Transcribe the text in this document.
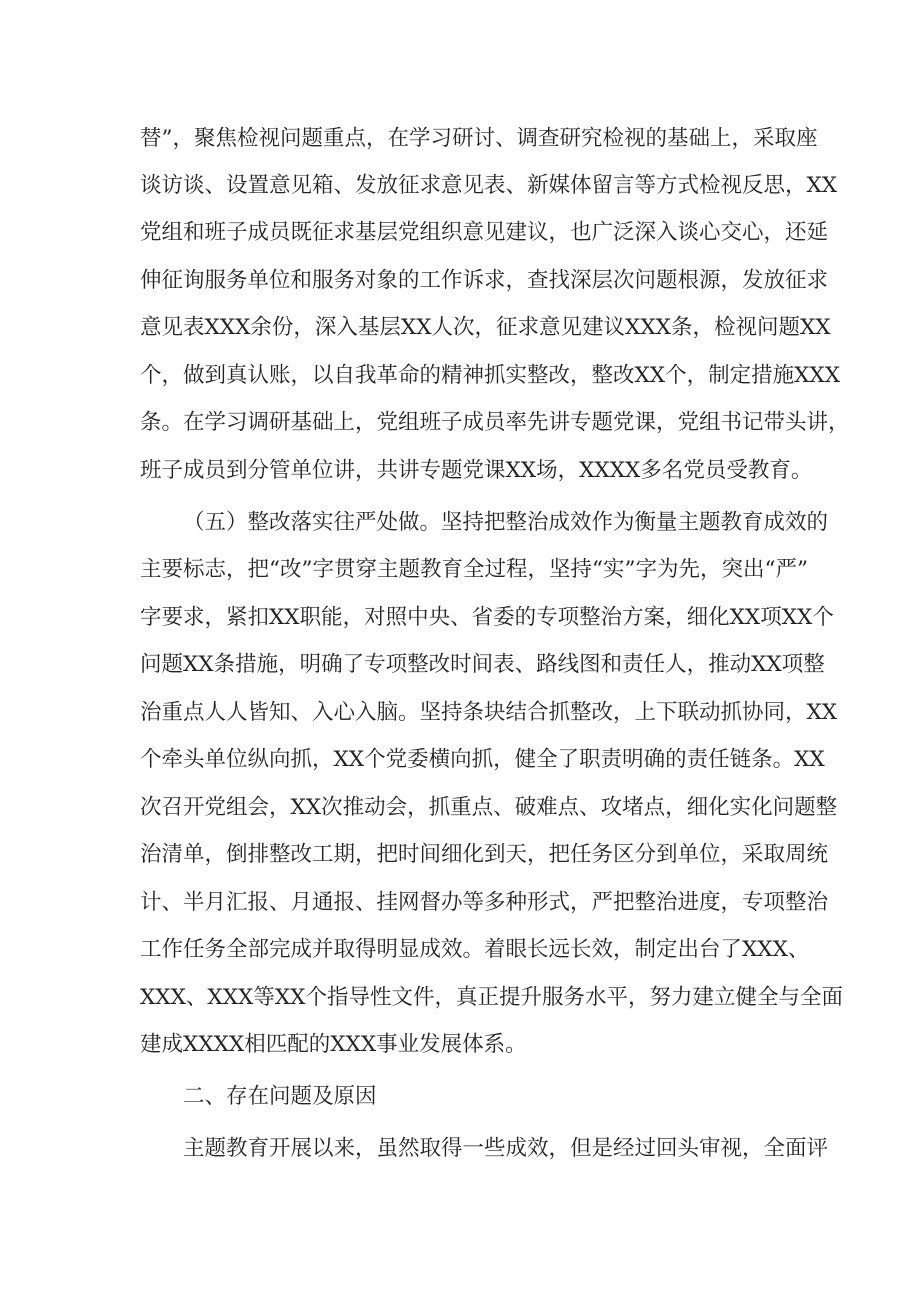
替”，聚焦检视问题重点，在学习研讨、调查研究检视的基础上，采取座
谈访谈、设置意见箱、发放征求意见表、新媒体留言等方式检视反思，XX
党组和班子成员既征求基层党组织意见建议，也广泛深入谈心交心，还延
伸征询服务单位和服务对象的工作诉求，查找深层次问题根源，发放征求
意见表XXX余份，深入基层XX人次，征求意见建议XXX条，检视问题XX
个，做到真认账，以自我革命的精神抓实整改，整改XX个，制定措施XXX
条。在学习调研基础上，党组班子成员率先讲专题党课，党组书记带头讲，
班子成员到分管单位讲，共讲专题党课XX场，XXXX多名党员受教育。
（五）整改落实往严处做。坚持把整治成效作为衡量主题教育成效的
主要标志，把“改”字贯穿主题教育全过程，坚持“实”字为先，突出“严”
字要求，紧扣XX职能，对照中央、省委的专项整治方案，细化XX项XX个
问题XX条措施，明确了专项整改时间表、路线图和责任人，推动XX项整
治重点人人皆知、入心入脑。坚持条块结合抓整改，上下联动抓协同，XX
个牵头单位纵向抓，XX个党委横向抓，健全了职责明确的责任链条。XX
次召开党组会，XX次推动会，抓重点、破难点、攻堵点，细化实化问题整
治清单，倒排整改工期，把时间细化到天，把任务区分到单位，采取周统
计、半月汇报、月通报、挂网督办等多种形式，严把整治进度，专项整治
工作任务全部完成并取得明显成效。着眼长远长效，制定出台了XXX、
XXX、XXX等XX个指导性文件，真正提升服务水平，努力建立健全与全面
建成XXXX相匹配的XXX事业发展体系。
二、存在问题及原因
主题教育开展以来，虽然取得一些成效，但是经过回头审视，全面评
